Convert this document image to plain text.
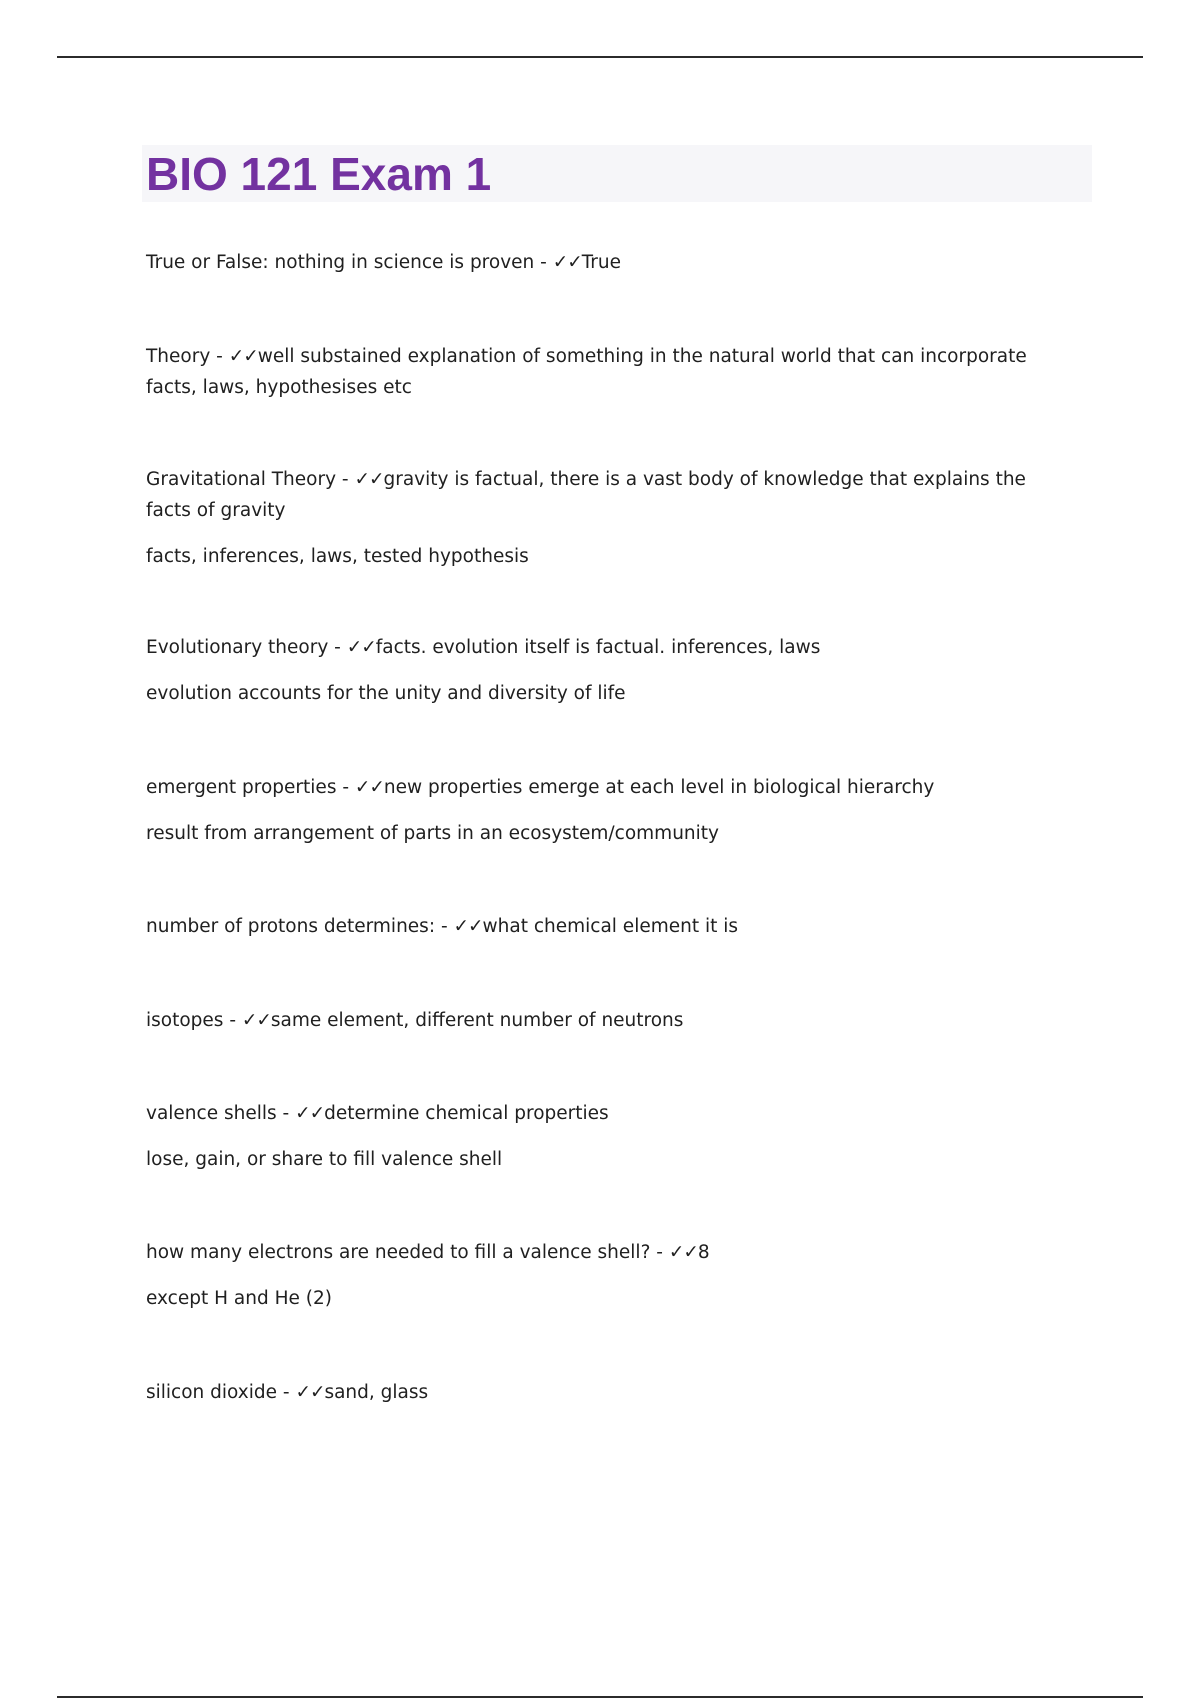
BIO 121 Exam 1

True or False: nothing in science is proven - ✓✓True

Theory - ✓✓well substained explanation of something in the natural world that can incorporate facts, laws, hypothesises etc

Gravitational Theory - ✓✓gravity is factual, there is a vast body of knowledge that explains the facts of gravity

facts, inferences, laws, tested hypothesis

Evolutionary theory - ✓✓facts. evolution itself is factual. inferences, laws

evolution accounts for the unity and diversity of life

emergent properties - ✓✓new properties emerge at each level in biological hierarchy

result from arrangement of parts in an ecosystem/community

number of protons determines: - ✓✓what chemical element it is

isotopes - ✓✓same element, different number of neutrons

valence shells - ✓✓determine chemical properties

lose, gain, or share to fill valence shell

how many electrons are needed to fill a valence shell? - ✓✓8

except H and He (2)

silicon dioxide - ✓✓sand, glass
